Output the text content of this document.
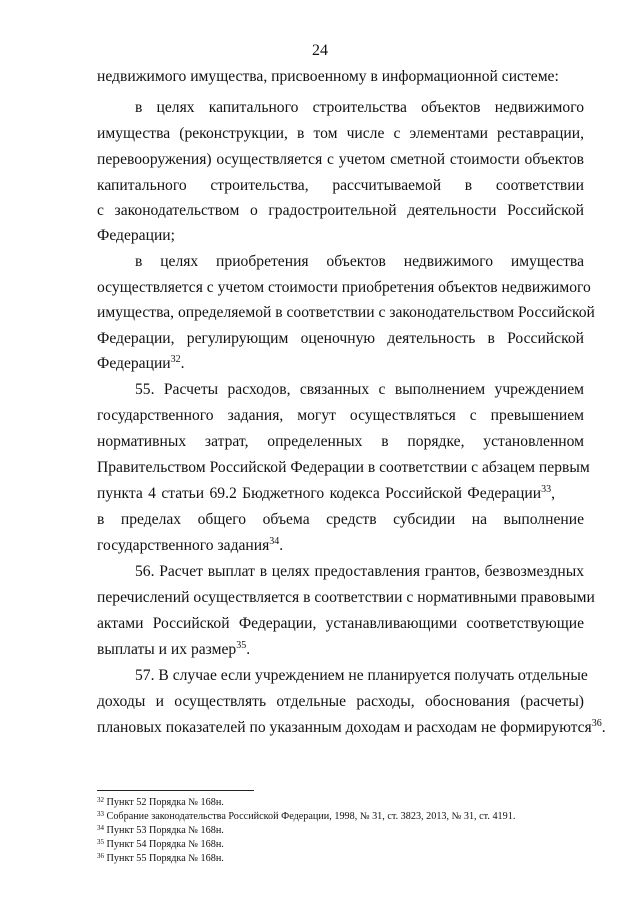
24
недвижимого имущества, присвоенному в информационной системе:
в целях капитального строительства объектов недвижимого
имущества (реконструкции, в том числе с элементами реставрации,
перевооружения) осуществляется с учетом сметной стоимости объектов
капитального строительства, рассчитываемой в соответствии
с законодательством о градостроительной деятельности Российской
Федерации;
в целях приобретения объектов недвижимого имущества
осуществляется с учетом стоимости приобретения объектов недвижимого
имущества, определяемой в соответствии с законодательством Российской
Федерации, регулирующим оценочную деятельность в Российской
Федерации$^{32}$.
55. Расчеты расходов, связанных с выполнением учреждением
государственного задания, могут осуществляться с превышением
нормативных затрат, определенных в порядке, установленном
Правительством Российской Федерации в соответствии с абзацем первым
пункта 4 статьи 69.2 Бюджетного кодекса Российской Федерации$^{33}$,
в пределах общего объема средств субсидии на выполнение
государственного задания$^{34}$.
56. Расчет выплат в целях предоставления грантов, безвозмездных
перечислений осуществляется в соответствии с нормативными правовыми
актами Российской Федерации, устанавливающими соответствующие
выплаты и их размер$^{35}$.
57. В случае если учреждением не планируется получать отдельные
доходы и осуществлять отдельные расходы, обоснования (расчеты)
плановых показателей по указанным доходам и расходам не формируются$^{36}$.
$^{32}$ Пункт 52 Порядка № 168н.
$^{33}$ Собрание законодательства Российской Федерации, 1998, № 31, ст. 3823, 2013, № 31, ст. 4191.
$^{34}$ Пункт 53 Порядка № 168н.
$^{35}$ Пункт 54 Порядка № 168н.
$^{36}$ Пункт 55 Порядка № 168н.
